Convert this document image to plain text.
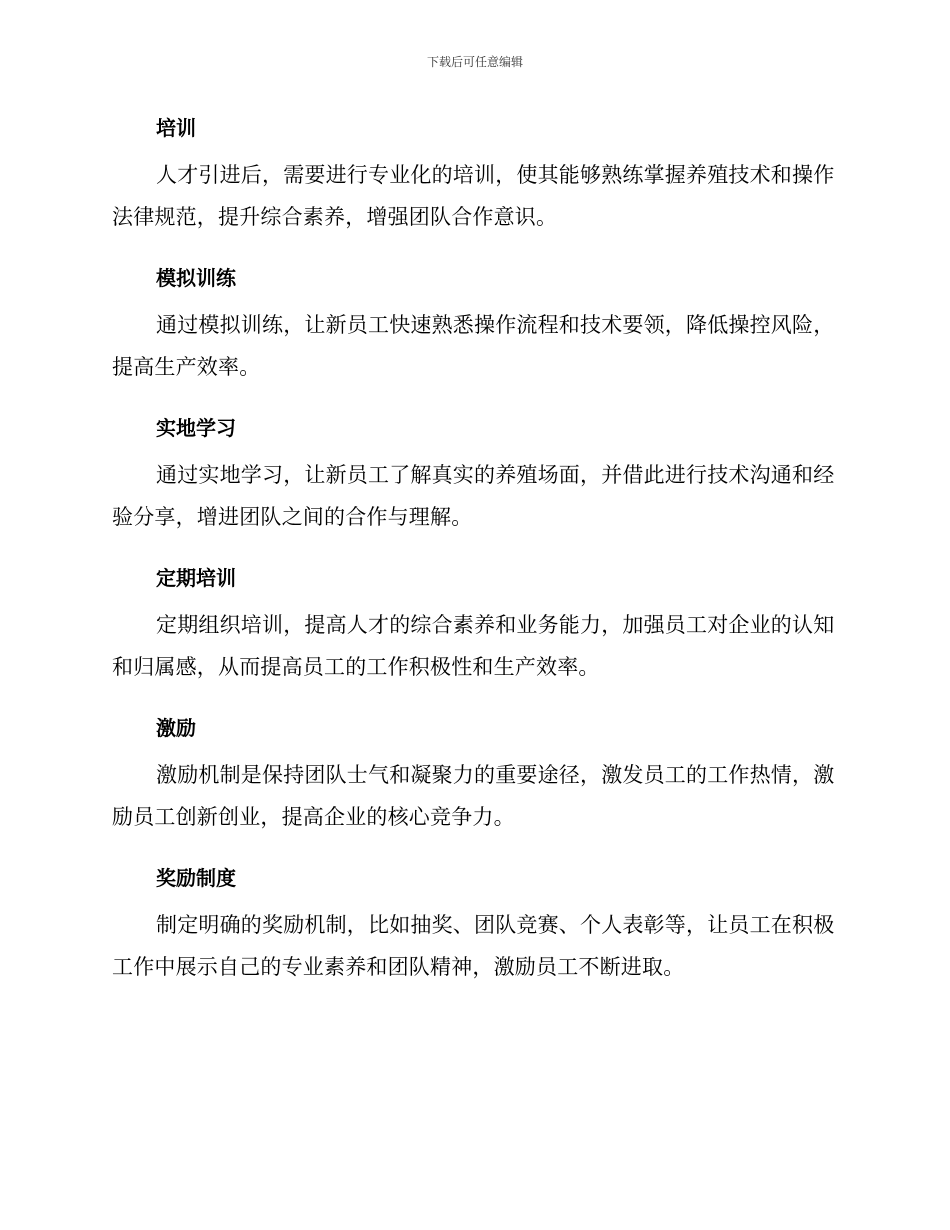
下载后可任意编辑
培训
人才引进后，需要进行专业化的培训，使其能够熟练掌握养殖技术和操作法律规范，提升综合素养，增强团队合作意识。
模拟训练
通过模拟训练，让新员工快速熟悉操作流程和技术要领，降低操控风险，提高生产效率。
实地学习
通过实地学习，让新员工了解真实的养殖场面，并借此进行技术沟通和经验分享，增进团队之间的合作与理解。
定期培训
定期组织培训，提高人才的综合素养和业务能力，加强员工对企业的认知和归属感，从而提高员工的工作积极性和生产效率。
激励
激励机制是保持团队士气和凝聚力的重要途径，激发员工的工作热情，激励员工创新创业，提高企业的核心竞争力。
奖励制度
制定明确的奖励机制，比如抽奖、团队竞赛、个人表彰等，让员工在积极工作中展示自己的专业素养和团队精神，激励员工不断进取。
